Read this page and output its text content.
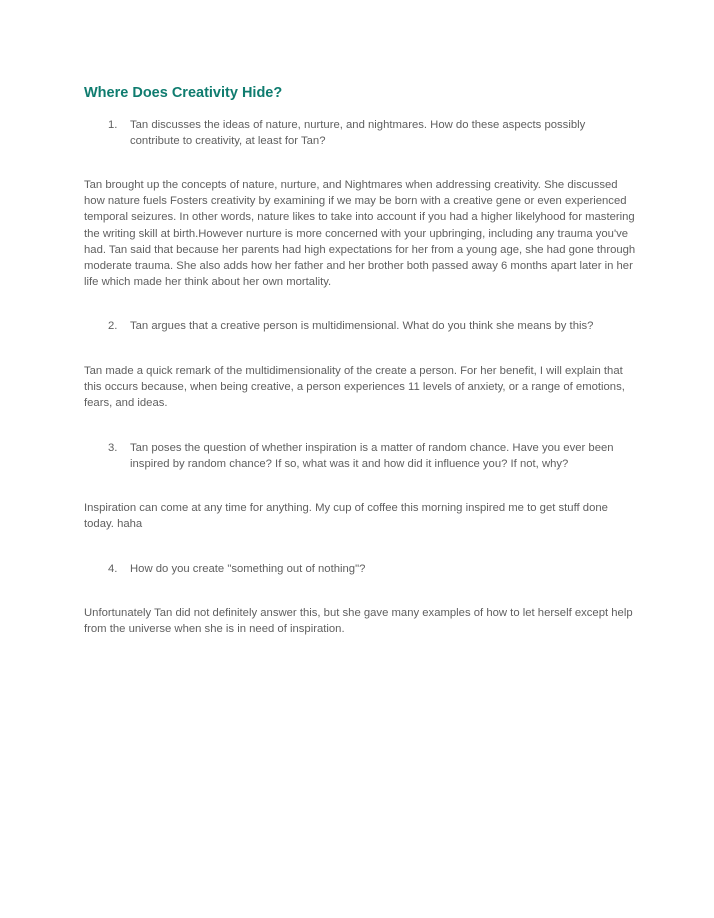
Where Does Creativity Hide?
1.	Tan discusses the ideas of nature, nurture, and nightmares. How do these aspects possibly contribute to creativity, at least for Tan?

Tan brought up the concepts of nature, nurture, and Nightmares when addressing creativity. She discussed how nature fuels Fosters creativity by examining if we may be born with a creative gene or even experienced temporal seizures. In other words, nature likes to take into account if you had a higher likelyhood for mastering the writing skill at birth.However nurture is more concerned with your upbringing, including any trauma you've had. Tan said that because her parents had high expectations for her from a young age, she had gone through moderate trauma. She also adds how her father and her brother both passed away 6 months apart later in her life which made her think about her own mortality.

2.	Tan argues that a creative person is multidimensional. What do you think she means by this?

Tan made a quick remark of the multidimensionality of the create a person. For her benefit, I will explain that this occurs because, when being creative, a person experiences 11 levels of anxiety, or a range of emotions, fears, and ideas.

3.	Tan poses the question of whether inspiration is a matter of random chance. Have you ever been inspired by random chance? If so, what was it and how did it influence you? If not, why?

Inspiration can come at any time for anything. My cup of coffee this morning inspired me to get stuff done today. haha

4.	How do you create "something out of nothing"?

Unfortunately Tan did not definitely answer this, but she gave many examples of how to let herself except help from the universe when she is in need of inspiration.
